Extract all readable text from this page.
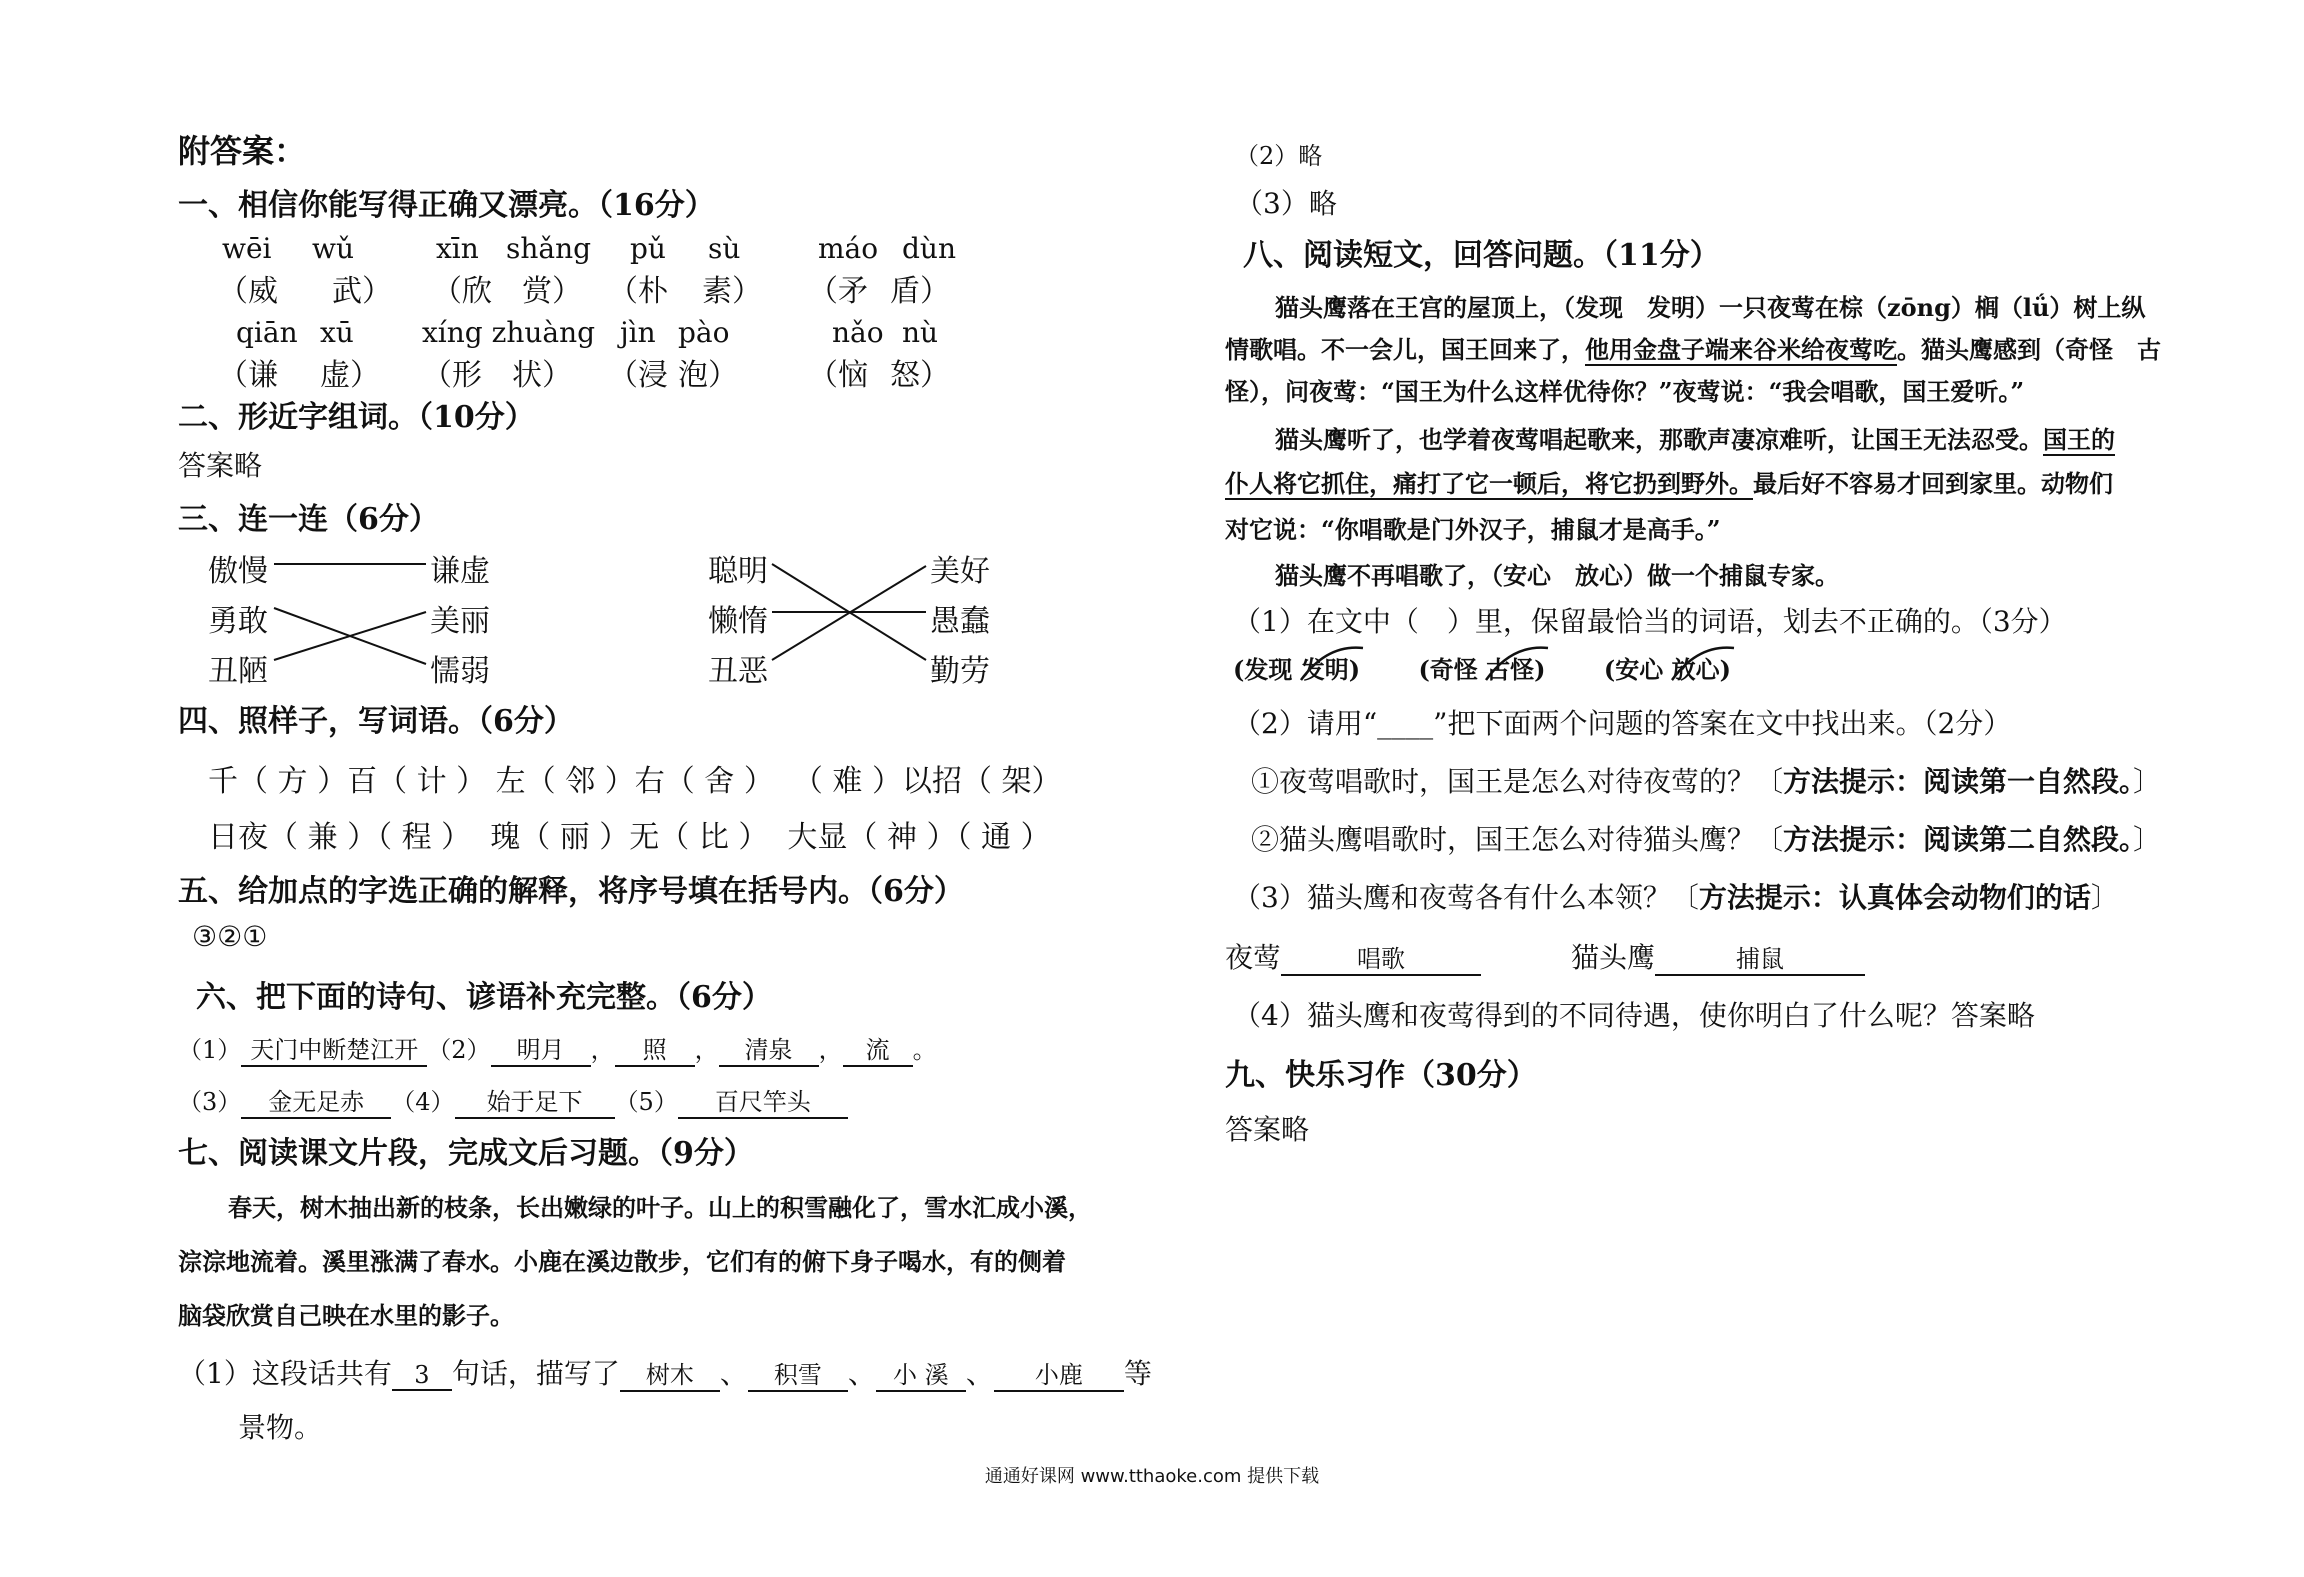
附答案：
一、相信你能写得正确又漂亮。（16分）
wēi wǔ	xīn shǎng pǔ sù	máo dùn
（威 武） （欣 赏） （朴 素） （矛 盾）
qiān xū xíng zhuàng jìn pào	nǎo nù
（谦 虚） （形 状） （浸 泡） （恼 怒）
二、形近字组词。（10分）
答案略
三、连一连（6分）
傲慢
勇敢
丑陋
谦虚
美丽
懦弱
聪明
懒惰
丑恶
美好
愚蠢
勤劳
四、照样子，写词语。（6分）
千（ 方 ）百（ 计 ） 左（ 邻 ）右（ 舍 ）  （ 难 ）以招（ 架）
日夜（ 兼 ）（ 程 ）  瑰（ 丽 ）无（ 比 ）  大显（ 神 ）（ 通 ）
五、给加点的字选正确的解释，将序号填在括号内。（6分）
③②①
六、把下面的诗句、谚语补充完整。（6分）
（1） 天门中断楚江开 （2） 明月 ， 照 ， 清泉 ， 流 。
（3） 金无足赤 （4） 始于足下 （5） 百尺竿头
七、阅读课文片段，完成文后习题。（9分）
春天，树木抽出新的枝条，长出嫩绿的叶子。山上的积雪融化了，雪水汇成小溪，
淙淙地流着。溪里涨满了春水。小鹿在溪边散步，它们有的俯下身子喝水，有的侧着
脑袋欣赏自己映在水里的影子。
（1）这段话共有 3 句话，描写了 树木 、 积雪 、 小 溪 、 小鹿 等
景物。
（2）略
（3）略
八、阅读短文，回答问题。（11分）
猫头鹰落在王宫的屋顶上，（发现　发明）一只夜莺在棕（zōng）榈（lǘ）树上纵
情歌唱。不一会儿，国王回来了，他用金盘子端来谷米给夜莺吃。猫头鹰感到（奇怪　古
怪），问夜莺：“国王为什么这样优待你？”夜莺说：“我会唱歌，国王爱听。”
猫头鹰听了，也学着夜莺唱起歌来，那歌声凄凉难听，让国王无法忍受。国王的
仆人将它抓住，痛打了它一顿后，将它扔到野外。最后好不容易才回到家里。动物们
对它说：“你唱歌是门外汉子，捕鼠才是高手。”
猫头鹰不再唱歌了，（安心　放心）做一个捕鼠专家。
（1）在文中（　）里，保留最恰当的词语，划去不正确的。（3分）
(发现 发明) (奇怪 古怪) (安心 放心)
（2）请用“____”把下面两个问题的答案在文中找出来。（2分）
①夜莺唱歌时，国王是怎么对待夜莺的？〔方法提示：阅读第一自然段。〕
②猫头鹰唱歌时，国王怎么对待猫头鹰？〔方法提示：阅读第二自然段。〕
（3）猫头鹰和夜莺各有什么本领？〔方法提示：认真体会动物们的话〕
夜莺	唱歌	猫头鹰	捕鼠
（4）猫头鹰和夜莺得到的不同待遇，使你明白了什么呢？答案略
九、快乐习作（30分）
答案略
通通好课网 www.tthaoke.com 提供下载
